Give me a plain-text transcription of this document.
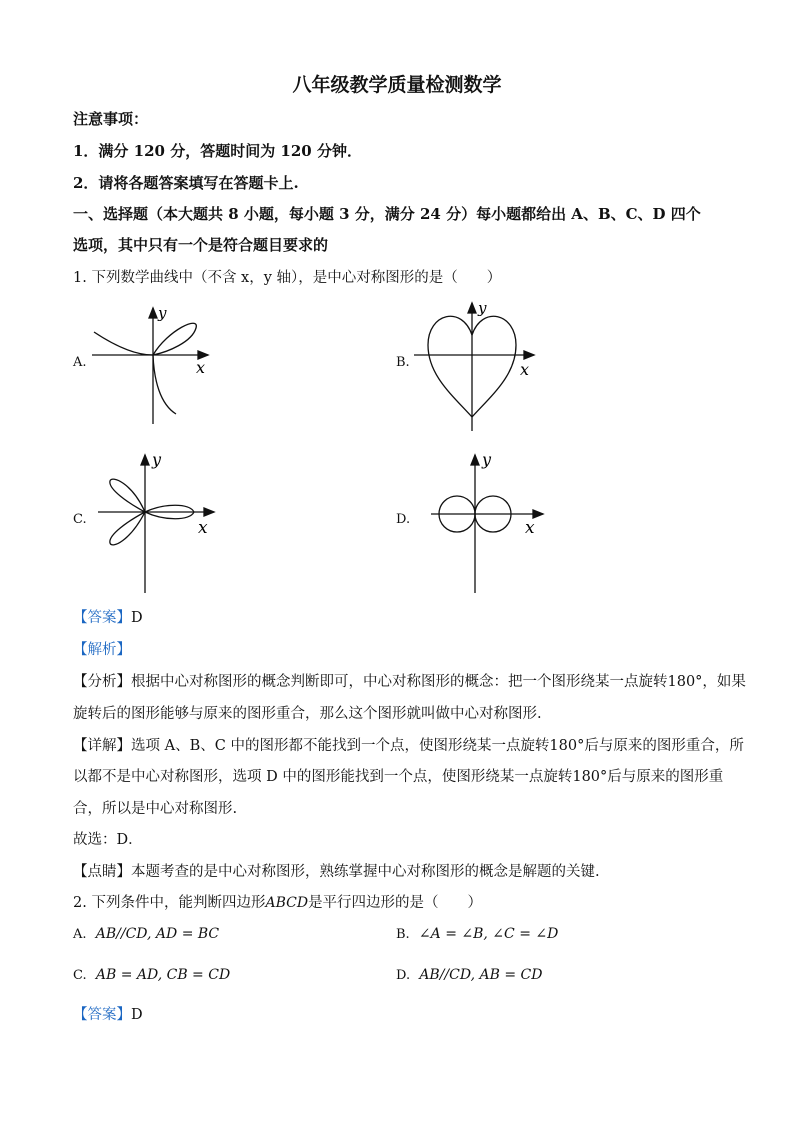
八年级教学质量检测数学
注意事项：
1．满分 120 分，答题时间为 120 分钟．
2．请将各题答案填写在答题卡上.
一、选择题（本大题共 8 小题，每小题 3 分，满分 24 分）每小题都给出 A、B、C、D 四个
选项，其中只有一个是符合题目要求的
1. 下列数学曲线中（不含 x，y 轴），是中心对称图形的是（　　）
A.
y
x	B.
y
x
C.
y
x	D.
y
x
【答案】D
【解析】
【分析】根据中心对称图形的概念判断即可，中心对称图形的概念：把一个图形绕某一点旋转180°，如果
旋转后的图形能够与原来的图形重合，那么这个图形就叫做中心对称图形.
【详解】选项 A、B、C 中的图形都不能找到一个点，使图形绕某一点旋转180°后与原来的图形重合，所
以都不是中心对称图形，选项 D 中的图形能找到一个点，使图形绕某一点旋转180°后与原来的图形重
合，所以是中心对称图形.
故选：D．
【点睛】本题考查的是中心对称图形，熟练掌握中心对称图形的概念是解题的关键.
2. 下列条件中，能判断四边形ABCD是平行四边形的是（　　）
A. AB//CD, AD = BC	B. ∠A = ∠B, ∠C = ∠D
C. AB = AD, CB = CD	D. AB//CD, AB = CD
【答案】D
